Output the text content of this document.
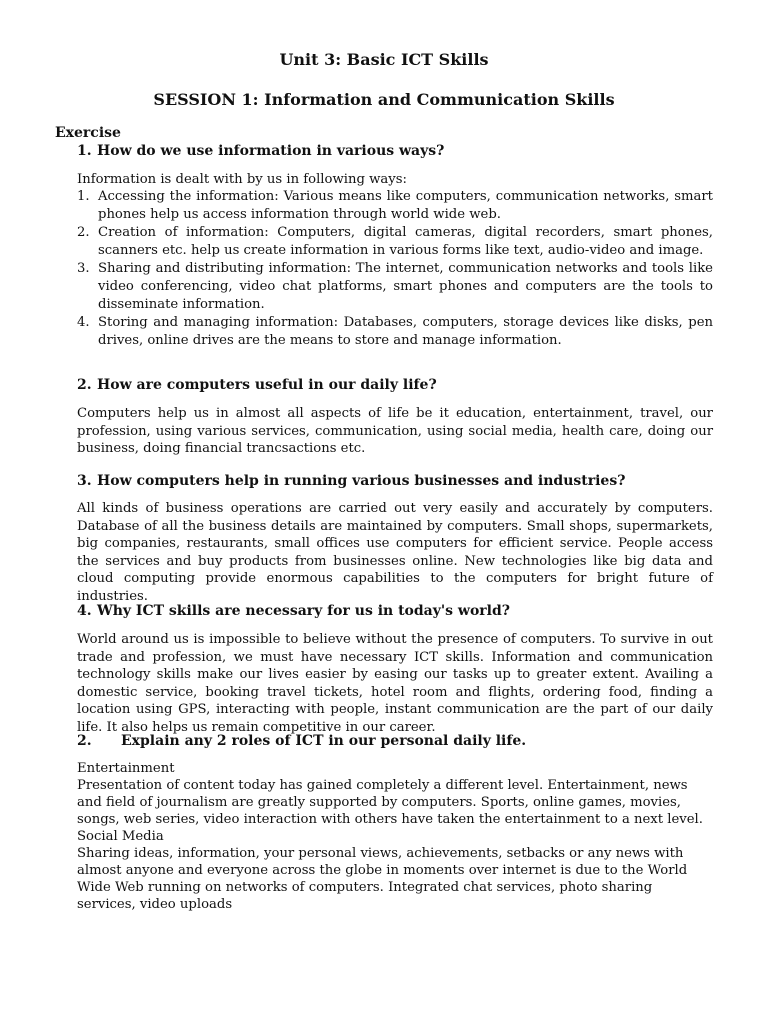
Unit 3: Basic ICT Skills
SESSION 1: Information and Communication Skills
Exercise
1. How do we use information in various ways?
Information is dealt with by us in following ways:
1. Accessing the information: Various means like computers, communication networks, smart phones help us access information through world wide web.
2. Creation of information: Computers, digital cameras, digital recorders, smart phones, scanners etc. help us create information in various forms like text, audio-video and image.
3. Sharing and distributing information: The internet, communication networks and tools like video conferencing, video chat platforms, smart phones and computers are the tools to disseminate information.
4. Storing and managing information: Databases, computers, storage devices like disks, pen drives, online drives are the means to store and manage information.
2. How are computers useful in our daily life?
Computers help us in almost all aspects of life be it education, entertainment, travel, our profession, using various services, communication, using social media, health care, doing our business, doing financial trancsactions etc.
3. How computers help in running various businesses and industries?
All kinds of business operations are carried out very easily and accurately by computers. Database of all the business details are maintained by computers. Small shops, supermarkets, big companies, restaurants, small offices use computers for efficient service. People access the services and buy products from businesses online. New technologies like big data and cloud computing provide enormous capabilities to the computers for bright future of industries.
4. Why ICT skills are necessary for us in today's world?
World around us is impossible to believe without the presence of computers. To survive in out trade and profession, we must have necessary ICT skills. Information and communication technology skills make our lives easier by easing our tasks up to greater extent. Availing a domestic service, booking travel tickets, hotel room and flights, ordering food, finding a location using GPS, interacting with people, instant communication are the part of our daily life. It also helps us remain competitive in our career.
2. Explain any 2 roles of ICT in our personal daily life.
Entertainment
Presentation of content today has gained completely a different level. Entertainment, news and field of journalism are greatly supported by computers. Sports, online games, movies, songs, web series, video interaction with others have taken the entertainment to a next level.
Social Media
Sharing ideas, information, your personal views, achievements, setbacks or any news with almost anyone and everyone across the globe in moments over internet is due to the World Wide Web running on networks of computers. Integrated chat services, photo sharing services, video uploads
